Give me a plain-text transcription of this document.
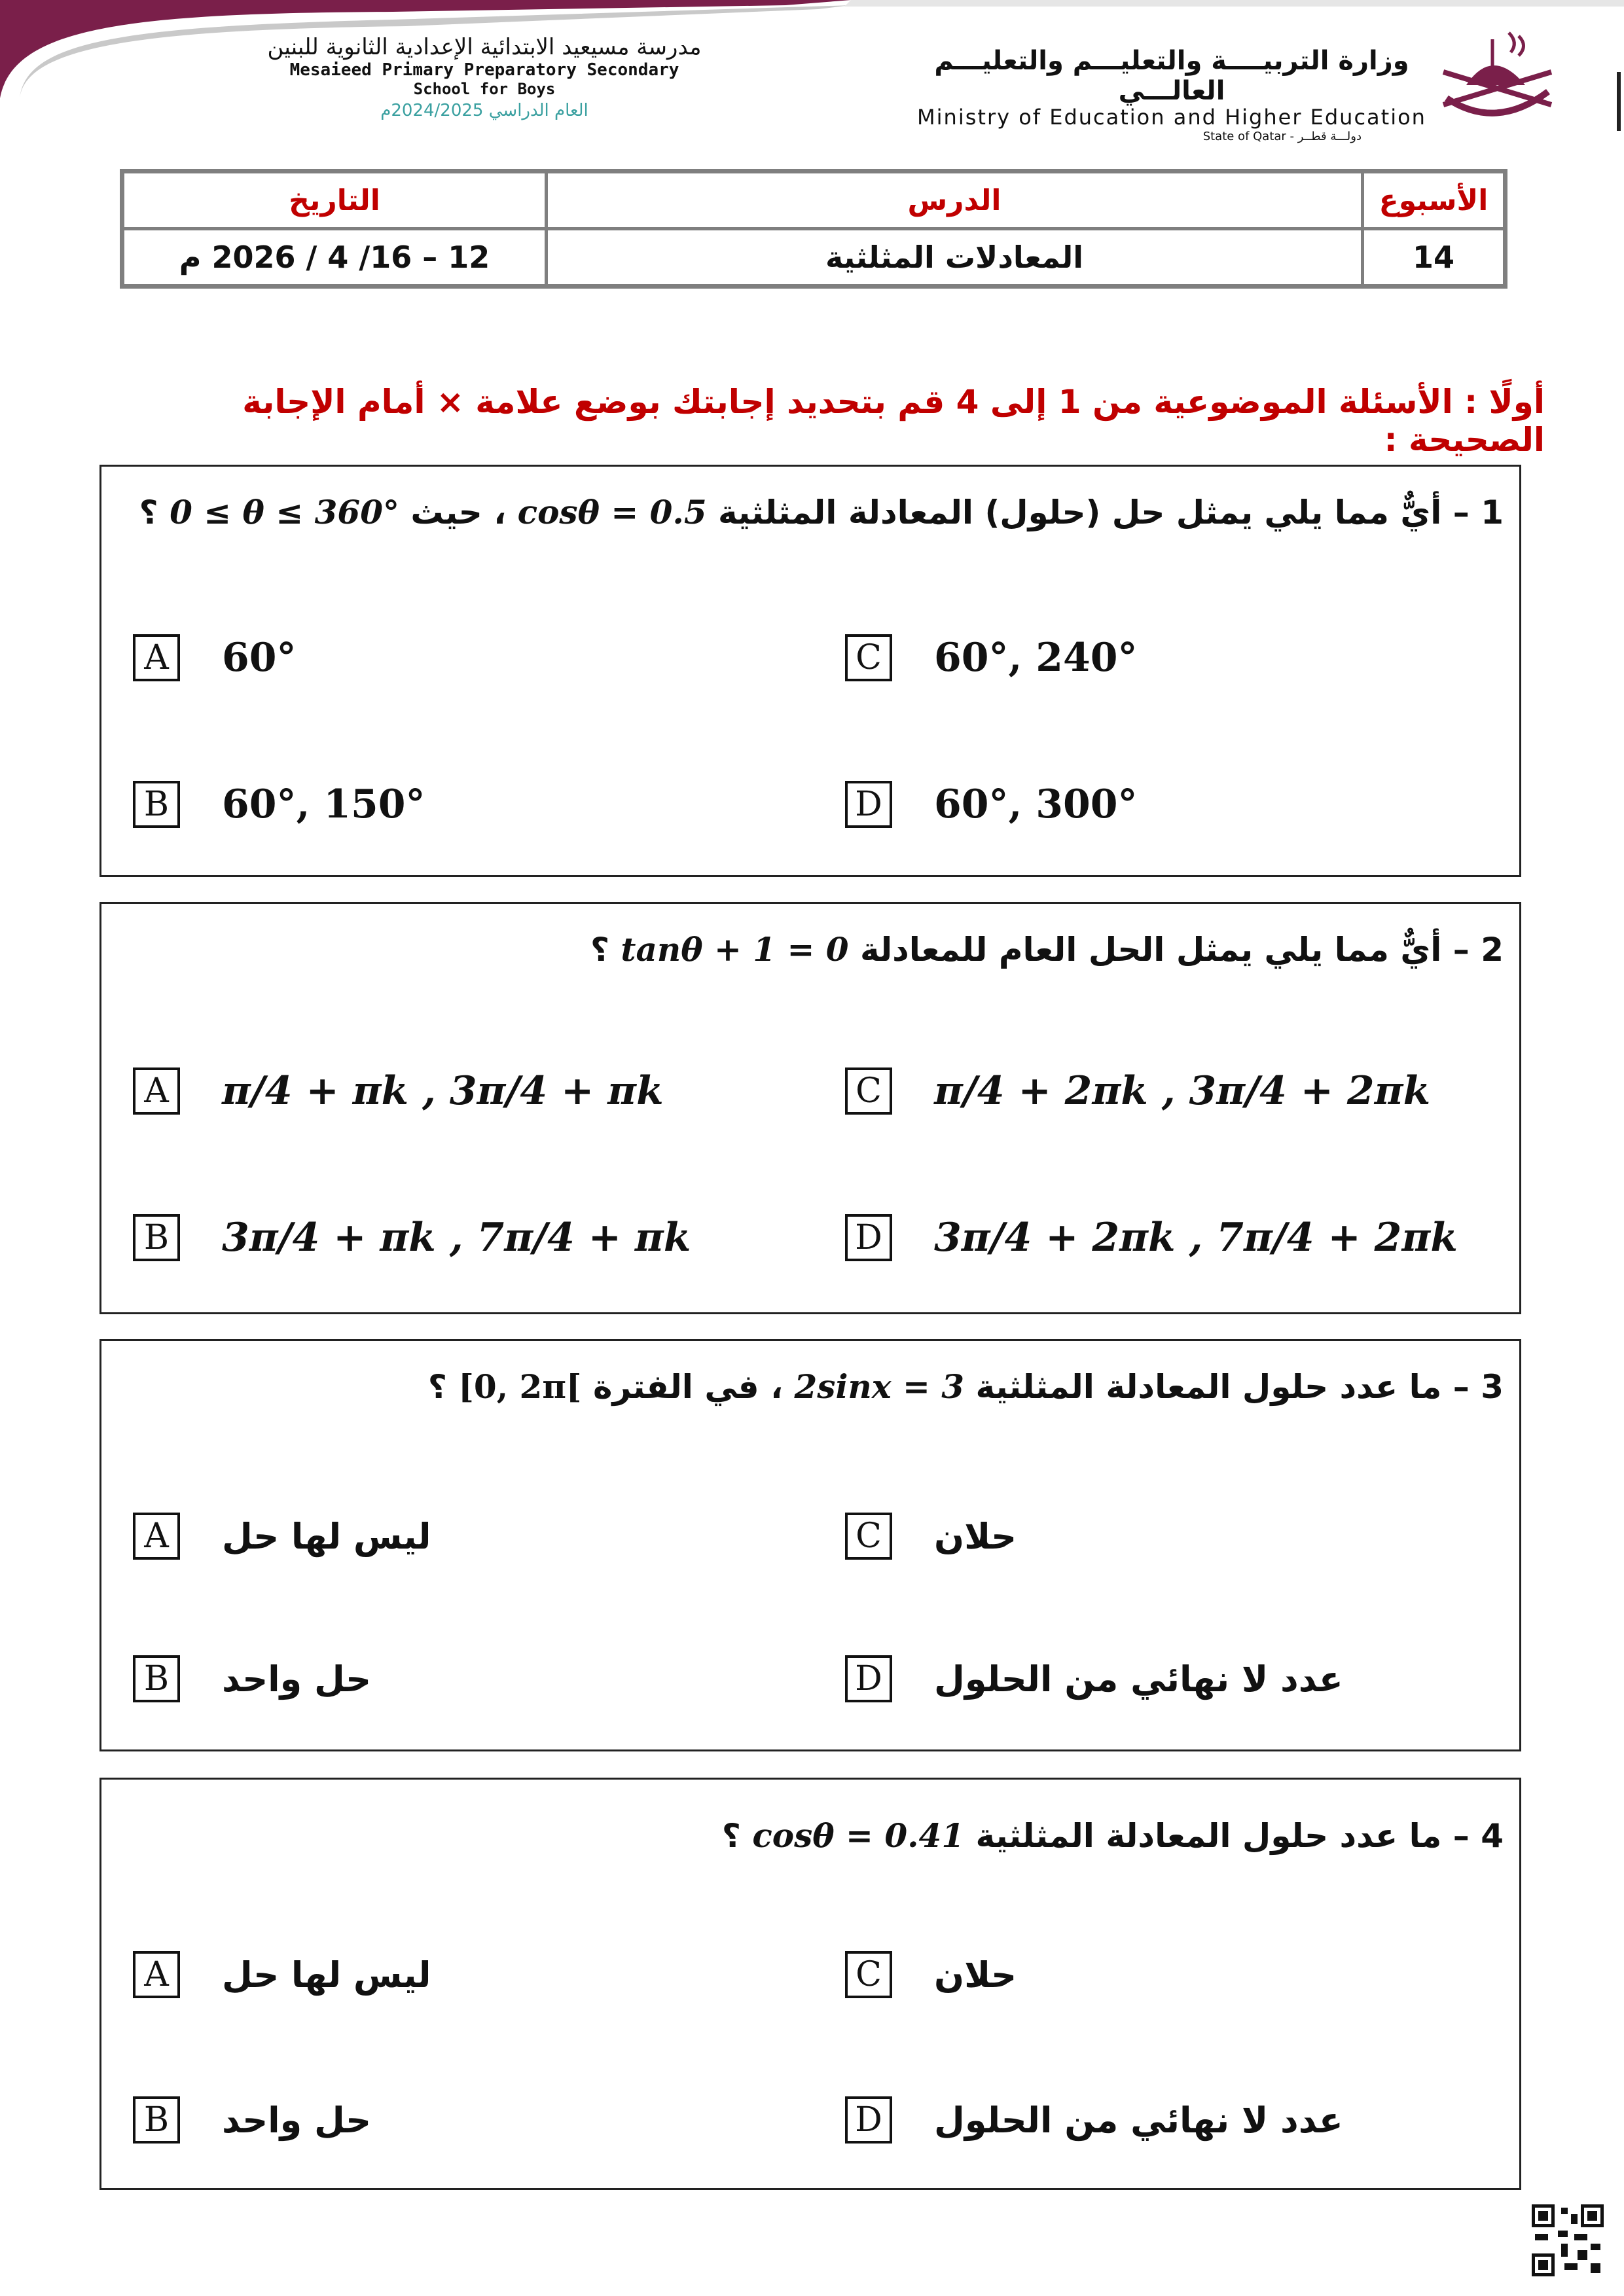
وزارة التربيــــة والتعليـــم والتعليـــم العالـــي
Ministry of Education and Higher Education
State of Qatar - دولـــة قطــر
مدرسة مسيعيد الابتدائية الإعدادية الثانوية للبنين
Mesaieed Primary Preparatory Secondary
School for Boys
العام الدراسي 2024/2025م
الأسبوع	الدرس	التاريخ
14	المعادلات المثلثية	12 – 16/ 4 / 2026 م
أولًا : الأسئلة الموضوعية من 1 إلى 4 قم بتحديد إجابتك بوضع علامة × أمام الإجابة الصحيحة :
1 – أيٌّ مما يلي يمثل حل (حلول) المعادلة المثلثية cosθ = 0.5 ، حيث 0 ≤ θ ≤ 360° ؟
A 60°	C 60°, 240°
B 60°, 150°	D 60°, 300°
2 – أيٌّ مما يلي يمثل الحل العام للمعادلة tanθ + 1 = 0 ؟
A π/4 + πk , 3π/4 + πk	C π/4 + 2πk , 3π/4 + 2πk
B 3π/4 + πk , 7π/4 + πk	D 3π/4 + 2πk , 7π/4 + 2πk
3 – ما عدد حلول المعادلة المثلثية 2sinx = 3 ، في الفترة [0, 2π[ ؟
A	ليس لها حل	C حلان
B	حل واحد	D عدد لا نهائي من الحلول
4 – ما عدد حلول المعادلة المثلثية cosθ = 0.41 ؟
A	ليس لها حل	C حلان
B	حل واحد	D عدد لا نهائي من الحلول
